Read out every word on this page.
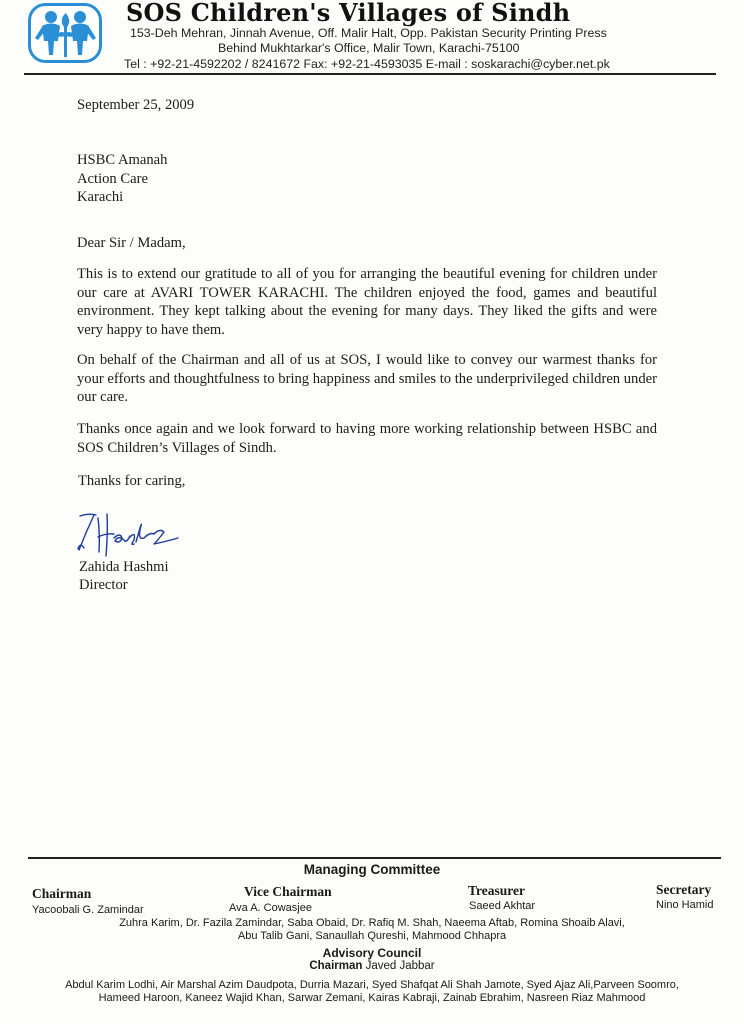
SOS Children's Villages of Sindh
153-Deh Mehran, Jinnah Avenue, Off. Malir Halt, Opp. Pakistan Security Printing Press
Behind Mukhtarkar's Office, Malir Town, Karachi-75100
Tel : +92-21-4592202 / 8241672 Fax: +92-21-4593035 E-mail : soskarachi@cyber.net.pk
September 25, 2009
HSBC Amanah
Action Care
Karachi
Dear Sir / Madam,
This is to extend our gratitude to all of you for arranging the beautiful evening for children under our care at AVARI TOWER KARACHI. The children enjoyed the food, games and beautiful environment. They kept talking about the evening for many days. They liked the gifts and were very happy to have them.
On behalf of the Chairman and all of us at SOS, I would like to convey our warmest thanks for your efforts and thoughtfulness to bring happiness and smiles to the underprivileged children under our care.
Thanks once again and we look forward to having more working relationship between HSBC and SOS Children’s Villages of Sindh.
Thanks for caring,
Zahida Hashmi
Director
Managing Committee
Chairman
Yacoobali G. Zamindar
Vice Chairman
Ava A. Cowasjee
Treasurer
Saeed Akhtar
Secretary
Nino Hamid
Zuhra Karim, Dr. Fazila Zamindar, Saba Obaid, Dr. Rafiq M. Shah, Naeema Aftab, Romina Shoaib Alavi,
Abu Talib Gani, Sanaullah Qureshi, Mahmood Chhapra
Advisory Council
Chairman Javed Jabbar
Abdul Karim Lodhi, Air Marshal Azim Daudpota, Durria Mazari, Syed Shafqat Ali Shah Jamote, Syed Ajaz Ali,Parveen Soomro,
Hameed Haroon, Kaneez Wajid Khan, Sarwar Zemani, Kairas Kabraji, Zainab Ebrahim, Nasreen Riaz Mahmood
